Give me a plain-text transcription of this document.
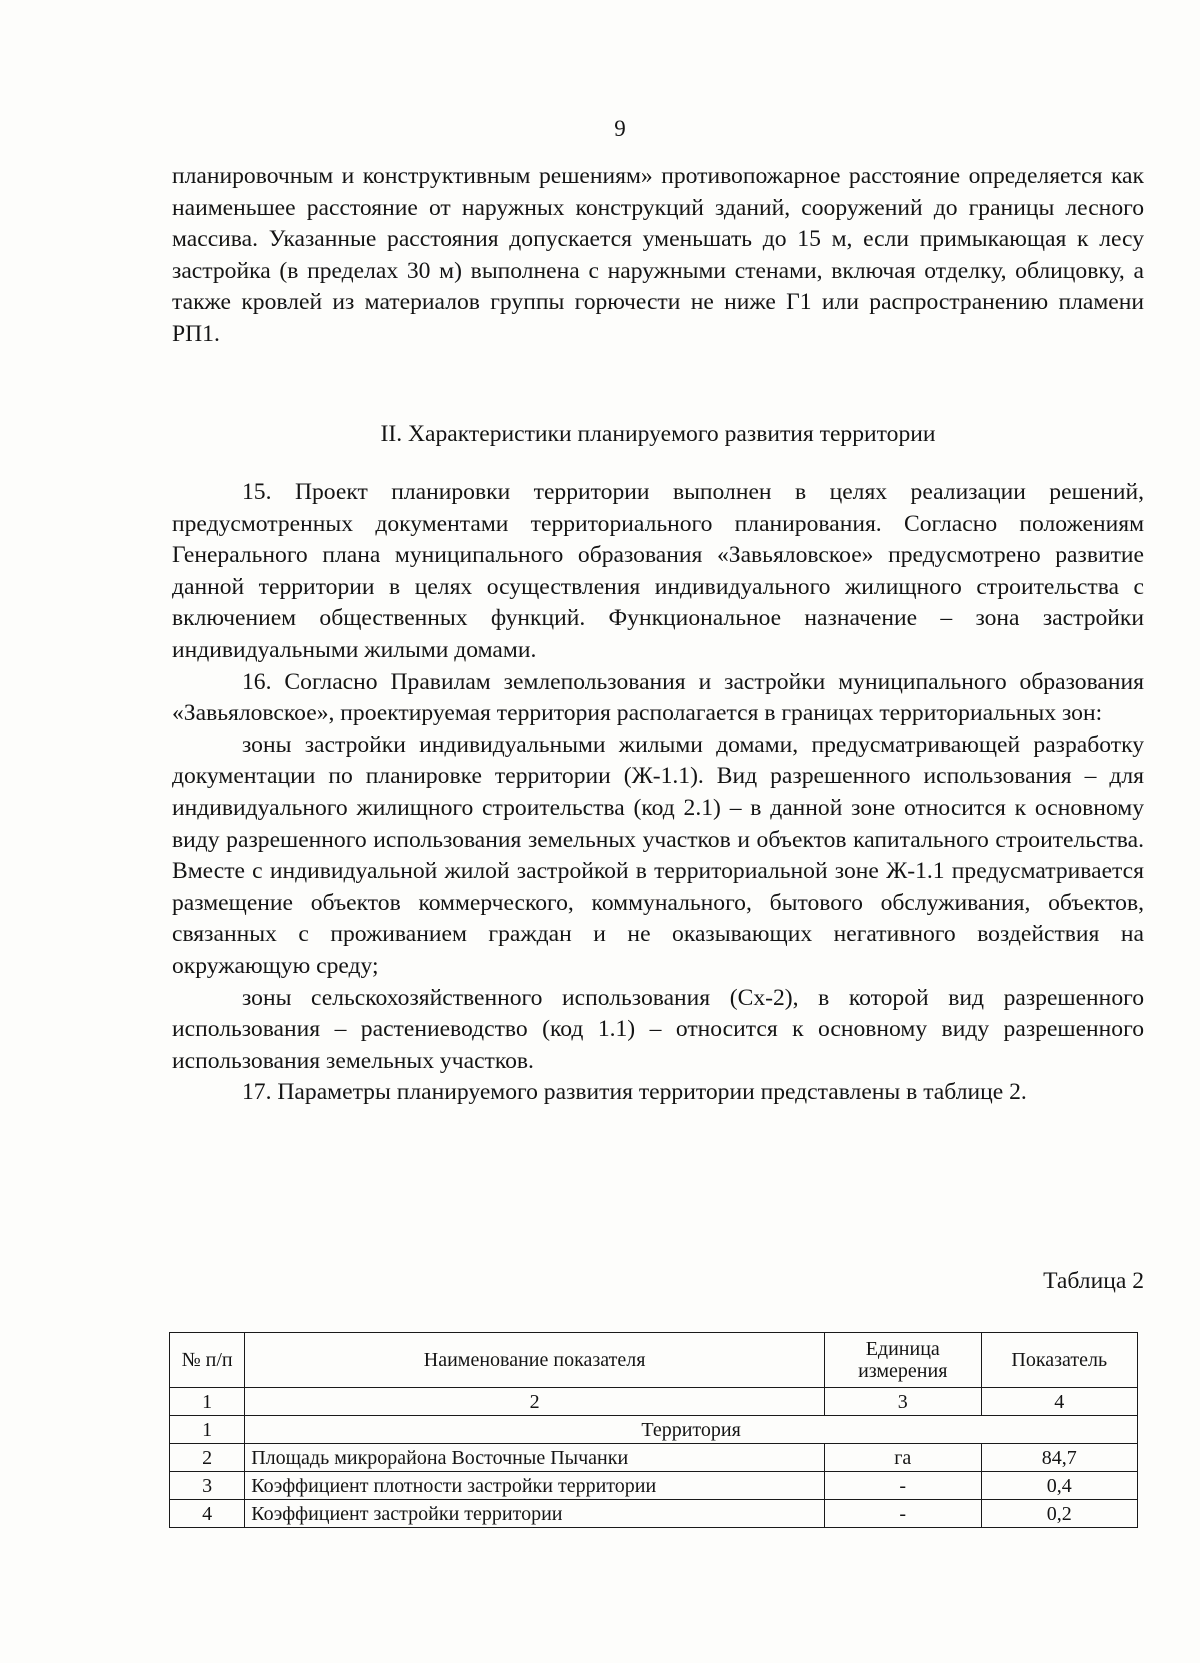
9

планировочным и конструктивным решениям» противопожарное расстояние определяется как наименьшее расстояние от наружных конструкций зданий, сооружений до границы лесного массива. Указанные расстояния допускается уменьшать до 15 м, если примыкающая к лесу застройка (в пределах 30 м) выполнена с наружными стенами, включая отделку, облицовку, а также кровлей из материалов группы горючести не ниже Г1 или распространению пламени РП1.

II. Характеристики планируемого развития территории

15. Проект планировки территории выполнен в целях реализации решений, предусмотренных документами территориального планирования. Согласно положениям Генерального плана муниципального образования «Завьяловское» предусмотрено развитие данной территории в целях осуществления индивидуального жилищного строительства с включением общественных функций. Функциональное назначение – зона застройки индивидуальными жилыми домами.

16. Согласно Правилам землепользования и застройки муниципального образования «Завьяловское», проектируемая территория располагается в границах территориальных зон:

зоны застройки индивидуальными жилыми домами, предусматривающей разработку документации по планировке территории (Ж-1.1). Вид разрешенного использования – для индивидуального жилищного строительства (код 2.1) – в данной зоне относится к основному виду разрешенного использования земельных участков и объектов капитального строительства. Вместе с индивидуальной жилой застройкой в территориальной зоне Ж-1.1 предусматривается размещение объектов коммерческого, коммунального, бытового обслуживания, объектов, связанных с проживанием граждан и не оказывающих негативного воздействия на окружающую среду;

зоны сельскохозяйственного использования (Сх-2), в которой вид разрешенного использования – растениеводство (код 1.1) – относится к основному виду разрешенного использования земельных участков.

17. Параметры планируемого развития территории представлены в таблице 2.

Таблица 2
№ п/п	Наименование показателя	Единица измерения	Показатель
1	2	3	4
1	Территория		
2	Площадь микрорайона Восточные Пычанки	га	84,7
3	Коэффициент плотности застройки территории	-	0,4
4	Коэффициент застройки территории	-	0,2
